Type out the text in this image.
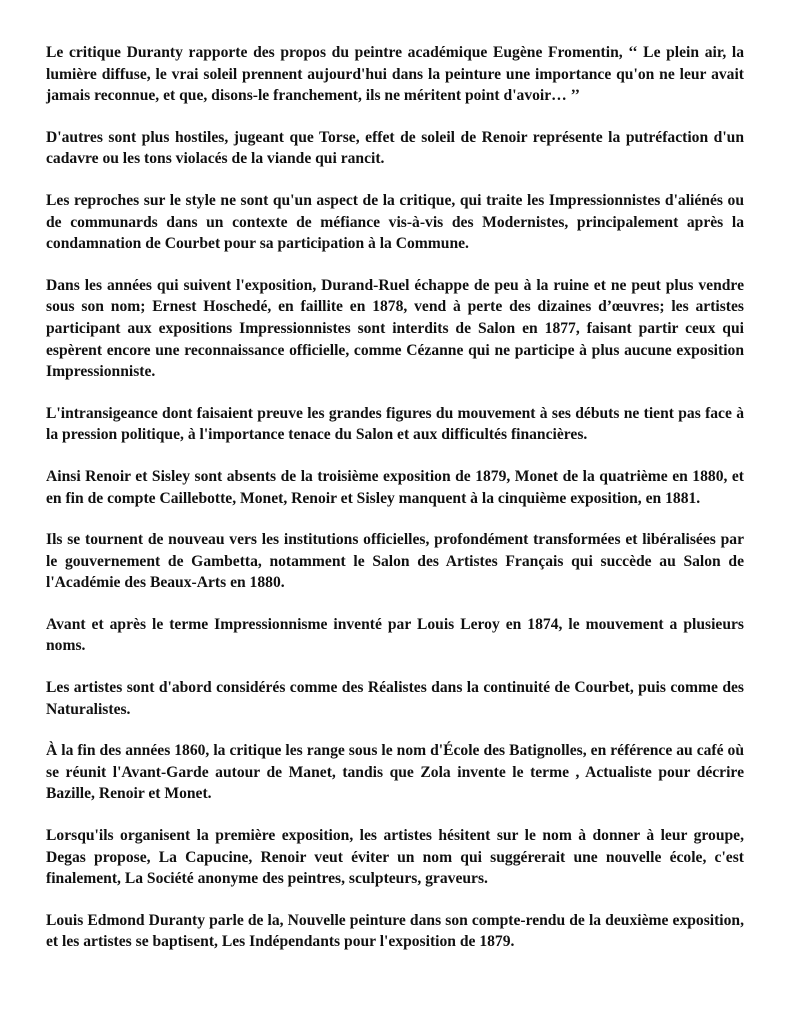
Le critique Duranty rapporte des propos du peintre académique Eugène Fromentin, ‘‘ Le plein air, la lumière diffuse, le vrai soleil prennent aujourd'hui dans la peinture une importance qu'on ne leur avait jamais reconnue, et que, disons-le franchement, ils ne méritent point d'avoir… ’’

D'autres sont plus hostiles, jugeant que Torse, effet de soleil de Renoir représente la putréfaction d'un cadavre ou les tons violacés de la viande qui rancit.

Les reproches sur le style ne sont qu'un aspect de la critique, qui traite les Impressionnistes d'aliénés ou de communards dans un contexte de méfiance vis-à-vis des Modernistes, principalement après la condamnation de Courbet pour sa participation à la Commune.

Dans les années qui suivent l'exposition, Durand-Ruel échappe de peu à la ruine et ne peut plus vendre sous son nom; Ernest Hoschedé, en faillite en 1878, vend à perte des dizaines d’œuvres; les artistes participant aux expositions Impressionnistes sont interdits de Salon en 1877, faisant partir ceux qui espèrent encore une reconnaissance officielle, comme Cézanne qui ne participe à plus aucune exposition Impressionniste.

L'intransigeance dont faisaient preuve les grandes figures du mouvement à ses débuts ne tient pas face à la pression politique, à l'importance tenace du Salon et aux difficultés financières.

Ainsi Renoir et Sisley sont absents de la troisième exposition de 1879, Monet de la quatrième en 1880, et en fin de compte Caillebotte, Monet, Renoir et Sisley manquent à la cinquième exposition, en 1881.

Ils se tournent de nouveau vers les institutions officielles, profondément transformées et libéralisées par le gouvernement de Gambetta, notamment le Salon des Artistes Français qui succède au Salon de l'Académie des Beaux-Arts en 1880.

Avant et après le terme Impressionnisme inventé par Louis Leroy en 1874, le mouvement a plusieurs noms.

Les artistes sont d'abord considérés comme des Réalistes dans la continuité de Courbet, puis comme des Naturalistes.

À la fin des années 1860, la critique les range sous le nom d'École des Batignolles, en référence au café où se réunit l'Avant-Garde autour de Manet, tandis que Zola invente le terme , Actualiste pour décrire Bazille, Renoir et Monet.

Lorsqu'ils organisent la première exposition, les artistes hésitent sur le nom à donner à leur groupe, Degas propose, La Capucine, Renoir veut éviter un nom qui suggérerait une nouvelle école, c'est finalement, La Société anonyme des peintres, sculpteurs, graveurs.

Louis Edmond Duranty parle de la, Nouvelle peinture dans son compte-rendu de la deuxième exposition, et les artistes se baptisent, Les Indépendants pour l'exposition de 1879.
